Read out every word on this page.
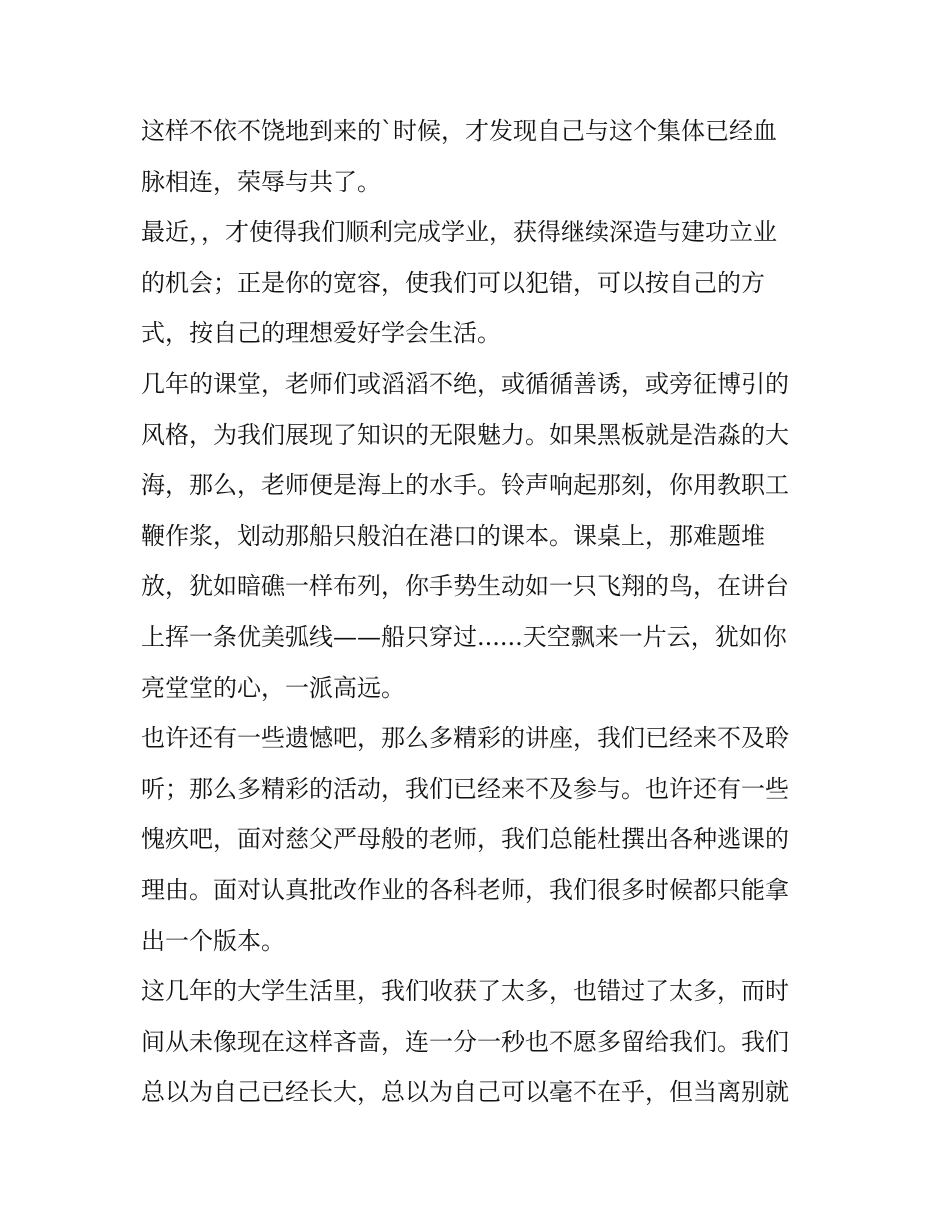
这样不依不饶地到来的`时候，才发现自己与这个集体已经血
脉相连，荣辱与共了。
最近，，才使得我们顺利完成学业，获得继续深造与建功立业
的机会；正是你的宽容，使我们可以犯错，可以按自己的方
式，按自己的理想爱好学会生活。
几年的课堂，老师们或滔滔不绝，或循循善诱，或旁征博引的
风格，为我们展现了知识的无限魅力。如果黑板就是浩淼的大
海，那么，老师便是海上的水手。铃声响起那刻，你用教职工
鞭作浆，划动那船只般泊在港口的课本。课桌上，那难题堆
放，犹如暗礁一样布列，你手势生动如一只飞翔的鸟，在讲台
上挥一条优美弧线——船只穿过......天空飘来一片云，犹如你
亮堂堂的心，一派高远。
也许还有一些遗憾吧，那么多精彩的讲座，我们已经来不及聆
听；那么多精彩的活动，我们已经来不及参与。也许还有一些
愧疚吧，面对慈父严母般的老师，我们总能杜撰出各种逃课的
理由。面对认真批改作业的各科老师，我们很多时候都只能拿
出一个版本。
这几年的大学生活里，我们收获了太多，也错过了太多，而时
间从未像现在这样吝啬，连一分一秒也不愿多留给我们。我们
总以为自己已经长大，总以为自己可以毫不在乎，但当离别就
